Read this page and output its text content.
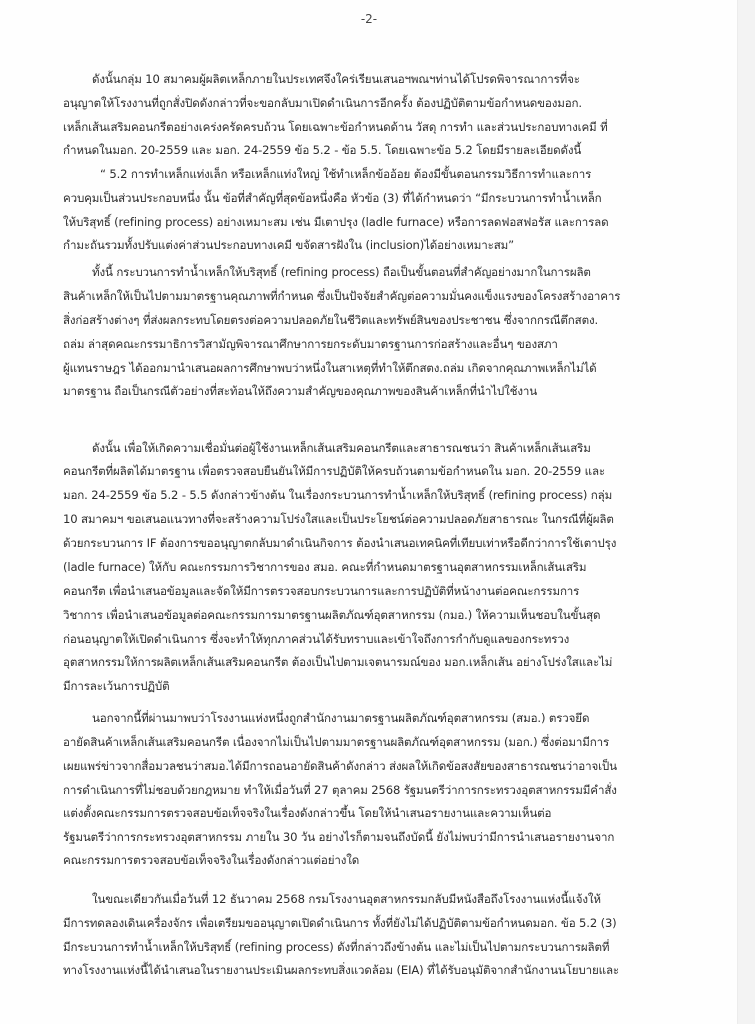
-2-
ดังนั้นกลุ่ม 10 สมาคมผู้ผลิตเหล็กภายในประเทศจึงใคร่เรียนเสนอฯพณฯท่านได้โปรดพิจารณาการที่จะ
อนุญาตให้โรงงานที่ถูกสั่งปิดดังกล่าวที่จะขอกลับมาเปิดดำเนินการอีกครั้ง ต้องปฏิบัติตามข้อกำหนดของมอก.
เหล็กเส้นเสริมคอนกรีตอย่างเคร่งครัดครบถ้วน โดยเฉพาะข้อกำหนดด้าน วัสดุ การทำ และส่วนประกอบทางเคมี ที่
กำหนดในมอก. 20-2559 และ มอก. 24-2559 ข้อ 5.2 - ข้อ 5.5. โดยเฉพาะข้อ 5.2 โดยมีรายละเอียดดังนี้
“ 5.2 การทำเหล็กแท่งเล็ก หรือเหล็กแท่งใหญ่ ใช้ทำเหล็กข้ออ้อย ต้องมีขั้นตอนกรรมวิธีการทำและการ
ควบคุมเป็นส่วนประกอบหนึ่ง นั้น ข้อที่สำคัญที่สุดข้อหนึ่งคือ หัวข้อ (3) ที่ได้กำหนดว่า “มีกระบวนการทำน้ำเหล็ก
ให้บริสุทธิ์ (refining process) อย่างเหมาะสม เช่น มีเตาปรุง (ladle furnace) หรือการลดฟอสฟอรัส และการลด
กำมะถันรวมทั้งปรับแต่งค่าส่วนประกอบทางเคมี ขจัดสารฝังใน (inclusion)ได้อย่างเหมาะสม”
ทั้งนี้ กระบวนการทำน้ำเหล็กให้บริสุทธิ์ (refining process) ถือเป็นขั้นตอนที่สำคัญอย่างมากในการผลิต
สินค้าเหล็กให้เป็นไปตามมาตรฐานคุณภาพที่กำหนด ซึ่งเป็นปัจจัยสำคัญต่อความมั่นคงแข็งแรงของโครงสร้างอาคาร
สิ่งก่อสร้างต่างๆ ที่ส่งผลกระทบโดยตรงต่อความปลอดภัยในชีวิตและทรัพย์สินของประชาชน ซึ่งจากกรณีตึกสตง.
ถล่ม ล่าสุดคณะกรรมาธิการวิสามัญพิจารณาศึกษาการยกระดับมาตรฐานการก่อสร้างและอื่นๆ ของสภา
ผู้แทนราษฎร ได้ออกมานำเสนอผลการศึกษาพบว่าหนึ่งในสาเหตุที่ทำให้ตึกสตง.ถล่ม เกิดจากคุณภาพเหล็กไม่ได้
มาตรฐาน ถือเป็นกรณีตัวอย่างที่สะท้อนให้ถึงความสำคัญของคุณภาพของสินค้าเหล็กที่นำไปใช้งาน
ดังนั้น เพื่อให้เกิดความเชื่อมั่นต่อผู้ใช้งานเหล็กเส้นเสริมคอนกรีตและสาธารณชนว่า สินค้าเหล็กเส้นเสริม
คอนกรีตที่ผลิตได้มาตรฐาน เพื่อตรวจสอบยืนยันให้มีการปฏิบัติให้ครบถ้วนตามข้อกำหนดใน มอก. 20-2559 และ
มอก. 24-2559 ข้อ 5.2 - 5.5 ดังกล่าวข้างต้น ในเรื่องกระบวนการทำน้ำเหล็กให้บริสุทธิ์ (refining process) กลุ่ม
10 สมาคมฯ ขอเสนอแนวทางที่จะสร้างความโปร่งใสและเป็นประโยชน์ต่อความปลอดภัยสาธารณะ ในกรณีที่ผู้ผลิต
ด้วยกระบวนการ IF ต้องการขออนุญาตกลับมาดำเนินกิจการ ต้องนำเสนอเทคนิคที่เทียบเท่าหรือดีกว่าการใช้เตาปรุง
(ladle furnace) ให้กับ คณะกรรมการวิชาการของ สมอ. คณะที่กำหนดมาตรฐานอุตสาหกรรมเหล็กเส้นเสริม
คอนกรีต เพื่อนำเสนอข้อมูลและจัดให้มีการตรวจสอบกระบวนการและการปฏิบัติที่หน้างานต่อคณะกรรมการ
วิชาการ เพื่อนำเสนอข้อมูลต่อคณะกรรมการมาตรฐานผลิตภัณฑ์อุตสาหกรรม (กมอ.) ให้ความเห็นชอบในขั้นสุด
ก่อนอนุญาตให้เปิดดำเนินการ ซึ่งจะทำให้ทุกภาคส่วนได้รับทราบและเข้าใจถึงการกำกับดูแลของกระทรวง
อุตสาหกรรมให้การผลิตเหล็กเส้นเสริมคอนกรีต ต้องเป็นไปตามเจตนารมณ์ของ มอก.เหล็กเส้น อย่างโปร่งใสและไม่
มีการละเว้นการปฏิบัติ
นอกจากนี้ที่ผ่านมาพบว่าโรงงานแห่งหนึ่งถูกสำนักงานมาตรฐานผลิตภัณฑ์อุตสาหกรรม (สมอ.) ตรวจยึด
อายัดสินค้าเหล็กเส้นเสริมคอนกรีต เนื่องจากไม่เป็นไปตามมาตรฐานผลิตภัณฑ์อุตสาหกรรม (มอก.) ซึ่งต่อมามีการ
เผยแพร่ข่าวจากสื่อมวลชนว่าสมอ.ได้มีการถอนอายัดสินค้าดังกล่าว ส่งผลให้เกิดข้อสงสัยของสาธารณชนว่าอาจเป็น
การดำเนินการที่ไม่ชอบด้วยกฎหมาย ทำให้เมื่อวันที่ 27 ตุลาคม 2568 รัฐมนตรีว่าการกระทรวงอุตสาหกรรมมีคำสั่ง
แต่งตั้งคณะกรรมการตรวจสอบข้อเท็จจริงในเรื่องดังกล่าวขึ้น โดยให้นำเสนอรายงานและความเห็นต่อ
รัฐมนตรีว่าการกระทรวงอุตสาหกรรม ภายใน 30 วัน อย่างไรก็ตามจนถึงบัดนี้ ยังไม่พบว่ามีการนำเสนอรายงานจาก
คณะกรรมการตรวจสอบข้อเท็จจริงในเรื่องดังกล่าวแต่อย่างใด
ในขณะเดียวกันเมื่อวันที่ 12 ธันวาคม 2568 กรมโรงงานอุตสาหกรรมกลับมีหนังสือถึงโรงงานแห่งนี้แจ้งให้
มีการทดลองเดินเครื่องจักร เพื่อเตรียมขออนุญาตเปิดดำเนินการ ทั้งที่ยังไม่ได้ปฏิบัติตามข้อกำหนดมอก. ข้อ 5.2 (3)
มีกระบวนการทำน้ำเหล็กให้บริสุทธิ์ (refining process) ดังที่กล่าวถึงข้างต้น และไม่เป็นไปตามกระบวนการผลิตที่
ทางโรงงานแห่งนี้ได้นำเสนอในรายงานประเมินผลกระทบสิ่งแวดล้อม (EIA) ที่ได้รับอนุมัติจากสำนักงานนโยบายและ
